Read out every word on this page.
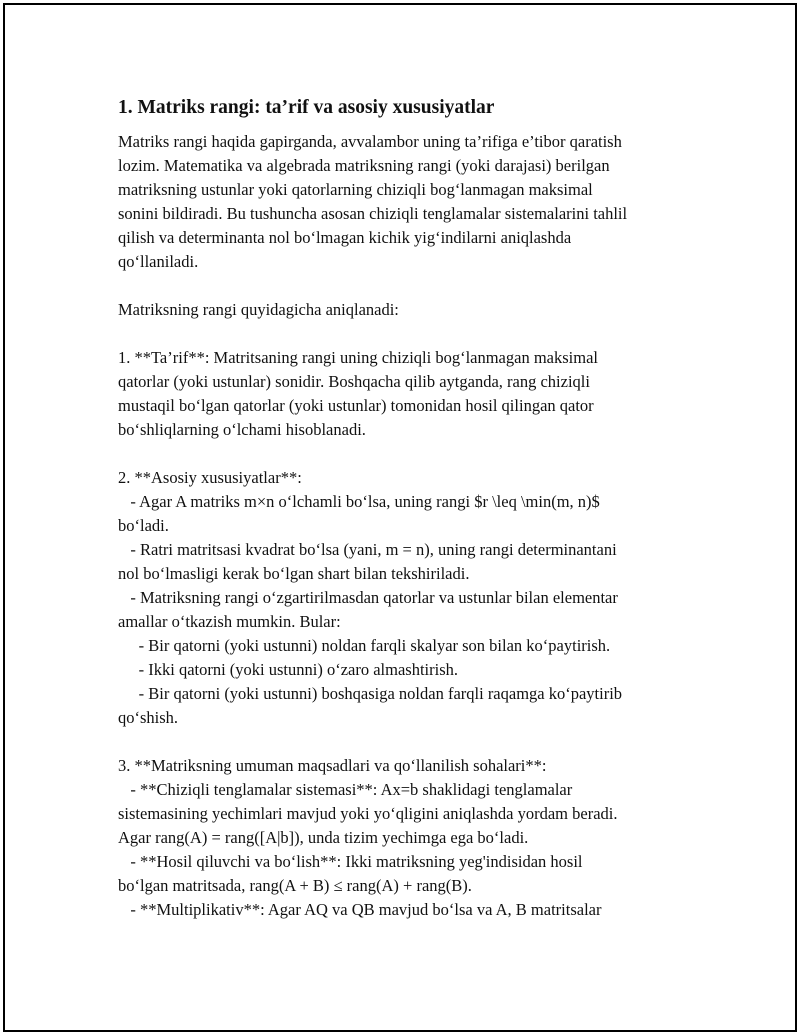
1. Matriks rangi: ta’rif va asosiy xususiyatlar
Matriks rangi haqida gapirganda, avvalambor uning ta’rifiga e’tibor qaratish
lozim. Matematika va algebrada matriksning rangi (yoki darajasi) berilgan
matriksning ustunlar yoki qatorlarning chiziqli bog‘lanmagan maksimal
sonini bildiradi. Bu tushuncha asosan chiziqli tenglamalar sistemalarini tahlil
qilish va determinanta nol bo‘lmagan kichik yig‘indilarni aniqlashda
qo‘llaniladi.

Matriksning rangi quyidagicha aniqlanadi:

1. **Ta’rif**: Matritsaning rangi uning chiziqli bog‘lanmagan maksimal
qatorlar (yoki ustunlar) sonidir. Boshqacha qilib aytganda, rang chiziqli
mustaqil bo‘lgan qatorlar (yoki ustunlar) tomonidan hosil qilingan qator
bo‘shliqlarning o‘lchami hisoblanadi.

2. **Asosiy xususiyatlar**:
- Agar A matriks m×n o‘lchamli bo‘lsa, uning rangi $r \leq \min(m, n)$
bo‘ladi.
- Ratri matritsasi kvadrat bo‘lsa (yani, m = n), uning rangi determinantani
nol bo‘lmasligi kerak bo‘lgan shart bilan tekshiriladi.
- Matriksning rangi o‘zgartirilmasdan qatorlar va ustunlar bilan elementar
amallar o‘tkazish mumkin. Bular:
- Bir qatorni (yoki ustunni) noldan farqli skalyar son bilan ko‘paytirish.
- Ikki qatorni (yoki ustunni) o‘zaro almashtirish.
- Bir qatorni (yoki ustunni) boshqasiga noldan farqli raqamga ko‘paytirib
qo‘shish.

3. **Matriksning umuman maqsadlari va qo‘llanilish sohalari**:
- **Chiziqli tenglamalar sistemasi**: Ax=b shaklidagi tenglamalar
sistemasining yechimlari mavjud yoki yo‘qligini aniqlashda yordam beradi.
Agar rang(A) = rang([A|b]), unda tizim yechimga ega bo‘ladi.
- **Hosil qiluvchi va bo‘lish**: Ikki matriksning yeg'indisidan hosil
bo‘lgan matritsada, rang(A + B) ≤ rang(A) + rang(B).
- **Multiplikativ**: Agar AQ va QB mavjud bo‘lsa va A, B matritsalar
